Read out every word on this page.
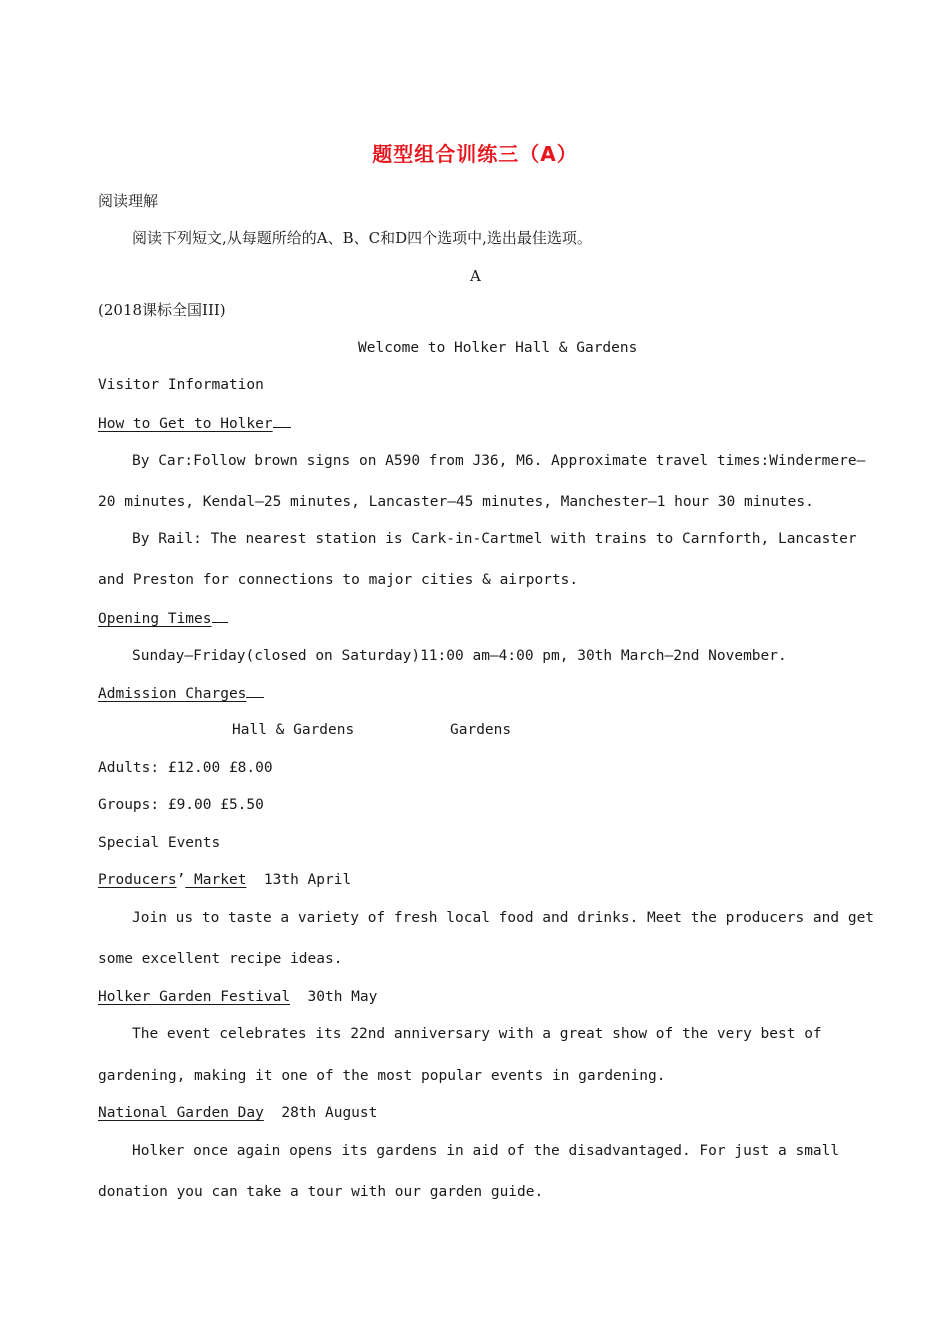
题型组合训练三（A）
阅读理解
阅读下列短文,从每题所给的A、B、C和D四个选项中,选出最佳选项。
A
(2018课标全国III)
Welcome to Holker Hall & Gardens
Visitor Information
How to Get to Holker
By Car:Follow brown signs on A590 from J36, M6. Approximate travel times:Windermere—
20 minutes, Kendal—25 minutes, Lancaster—45 minutes, Manchester—1 hour 30 minutes.
By Rail: The nearest station is Cark-in-Cartmel with trains to Carnforth, Lancaster
and Preston for connections to major cities & airports.
Opening Times
Sunday—Friday(closed on Saturday)11:00 am—4:00 pm, 30th March—2nd November.
Admission Charges
Hall & Gardens	Gardens
Adults: £12.00 £8.00
Groups: £9.00 £5.50
Special Events
Producers’ Market 13th April
Join us to taste a variety of fresh local food and drinks. Meet the producers and get
some excellent recipe ideas.
Holker Garden Festival 30th May
The event celebrates its 22nd anniversary with a great show of the very best of
gardening, making it one of the most popular events in gardening.
National Garden Day 28th August
Holker once again opens its gardens in aid of the disadvantaged. For just a small
donation you can take a tour with our garden guide.
